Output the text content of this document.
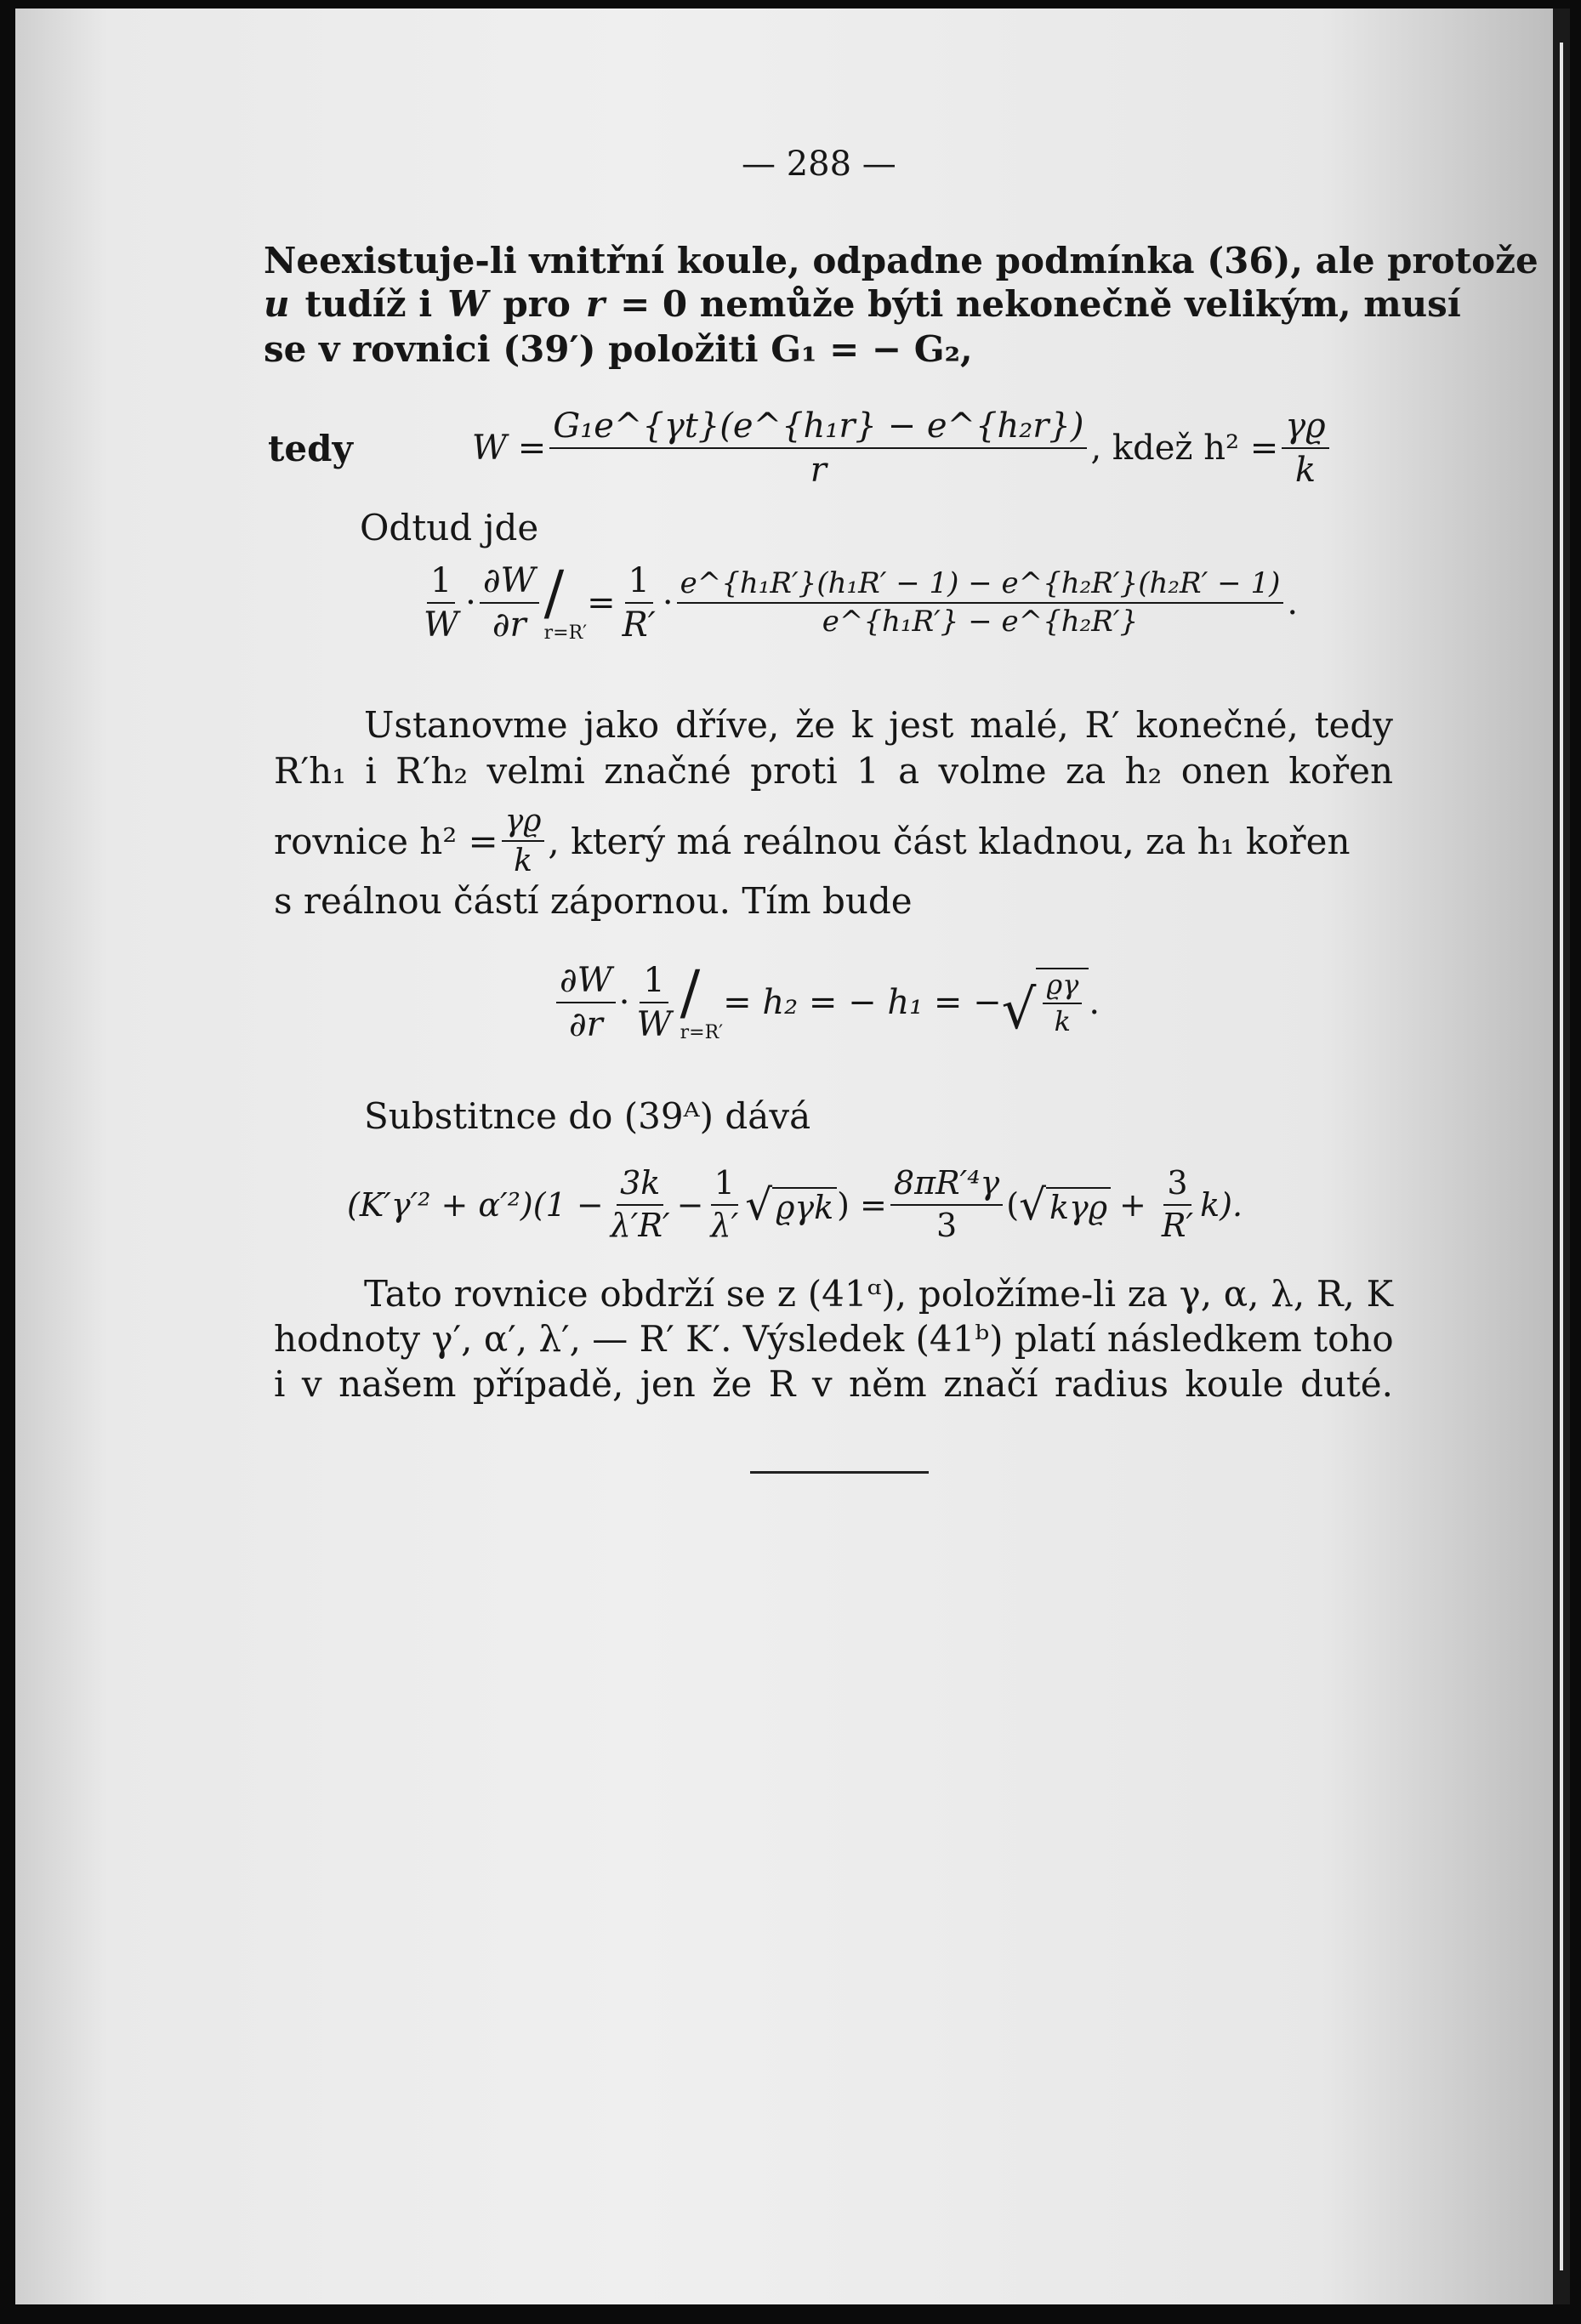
— 288 —
Neexistuje-li vnitřní koule, odpadne podmínka (36), ale protože
u tudíž i W pro r = 0 nemůže býti nekonečně velikým, musí
se v rovnici (39′) položiti G₁ = − G₂,
tedy	$W = \frac{\text{G₁e\textasciicircum{}\{γt\}(e\textasciicircum{}\{h₁r\} − e\textasciicircum{}\{h₂r\})}}{r}$ , kdež $h^2 = \frac{\gamma ϱ}{k}$
Odtud jde
$\frac{1}{W} \cdot \frac{\partial W}{\partial r}$ /
r=R′
= $\frac{1}{R'} \cdot \frac{\text{e\textasciicircum{}\{h₁R′\}(h₁R′ − 1) − e\textasciicircum{}\{h₂R′\}(h₂R′ − 1)}}{\text{e\textasciicircum{}\{h₁R′\} − e\textasciicircum{}\{h₂R′\}}}$ .
Ustanovme jako dříve, že k jest malé, R′ konečné, tedy
R′h₁ i R′h₂ velmi značné proti 1 a volme za h₂ onen kořen
rovnice $h^2 = \frac{\gamma ϱ}{k}$ , který má reálnou část kladnou, za h₁ kořen
s reálnou částí zápornou. Tím bude
$\frac{\partial W}{\partial r} \cdot \frac{1}{W}$ /
r=R′
= h₂ = − h₁ = − √ $\frac{ϱ\gamma}{k}$ .
Substitnce do (39ᴬ) dává
$(K'\gamma'^2 + \alpha'^2)(1 - \frac{3k}{\lambda'R'} - \frac{1}{\lambda'}$ √ ϱγk ) = $\frac{\text{8πR′⁴γ}}{3}$ ( √ $k\gamma ϱ + \frac{3}{R'} k$).
Tato rovnice obdrží se z (41ᵅ), položíme-li za γ, α, λ, R, K
hodnoty γ′, α′, λ′, — R′ K′. Výsledek (41ᵇ) platí následkem toho
i v našem případě, jen že R v něm značí radius koule duté.
